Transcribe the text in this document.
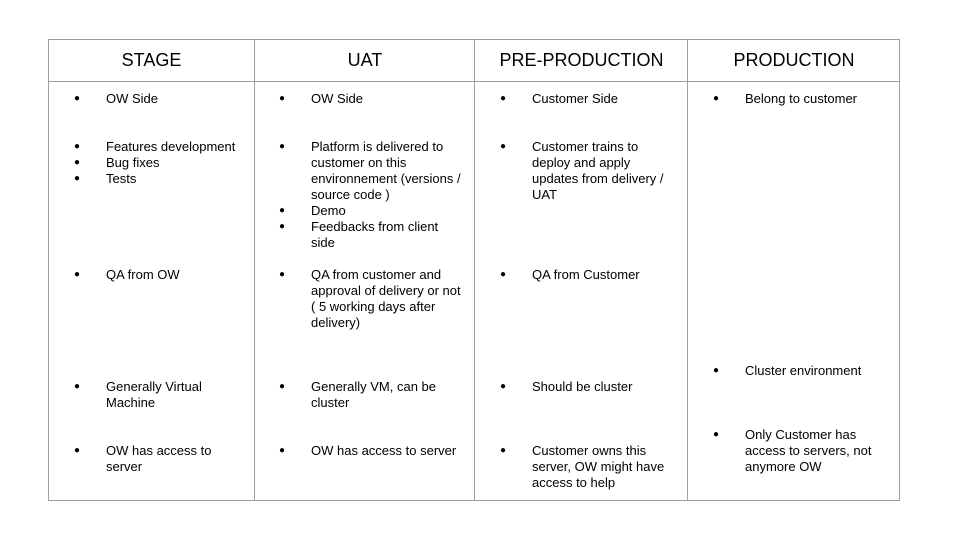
STAGE
● OW Side
● Features development
● Bug fixes
● Tests
● QA from OW
● Generally Virtual
Machine
● OW has access to
server
UAT
● OW Side
● Platform is delivered to
customer on this
environnement (versions /
source code )
● Demo
● Feedbacks from client
side
● QA from customer and
approval of delivery or not
( 5 working days after
delivery)
● Generally VM, can be
cluster
● OW has access to server
PRE-PRODUCTION
● Customer Side
● Customer trains to
deploy and apply
updates from delivery /
UAT
● QA from Customer
● Should be cluster
● Customer owns this
server, OW might have
access to help
PRODUCTION
● Belong to customer
● Cluster environment
● Only Customer has
access to servers, not
anymore OW
